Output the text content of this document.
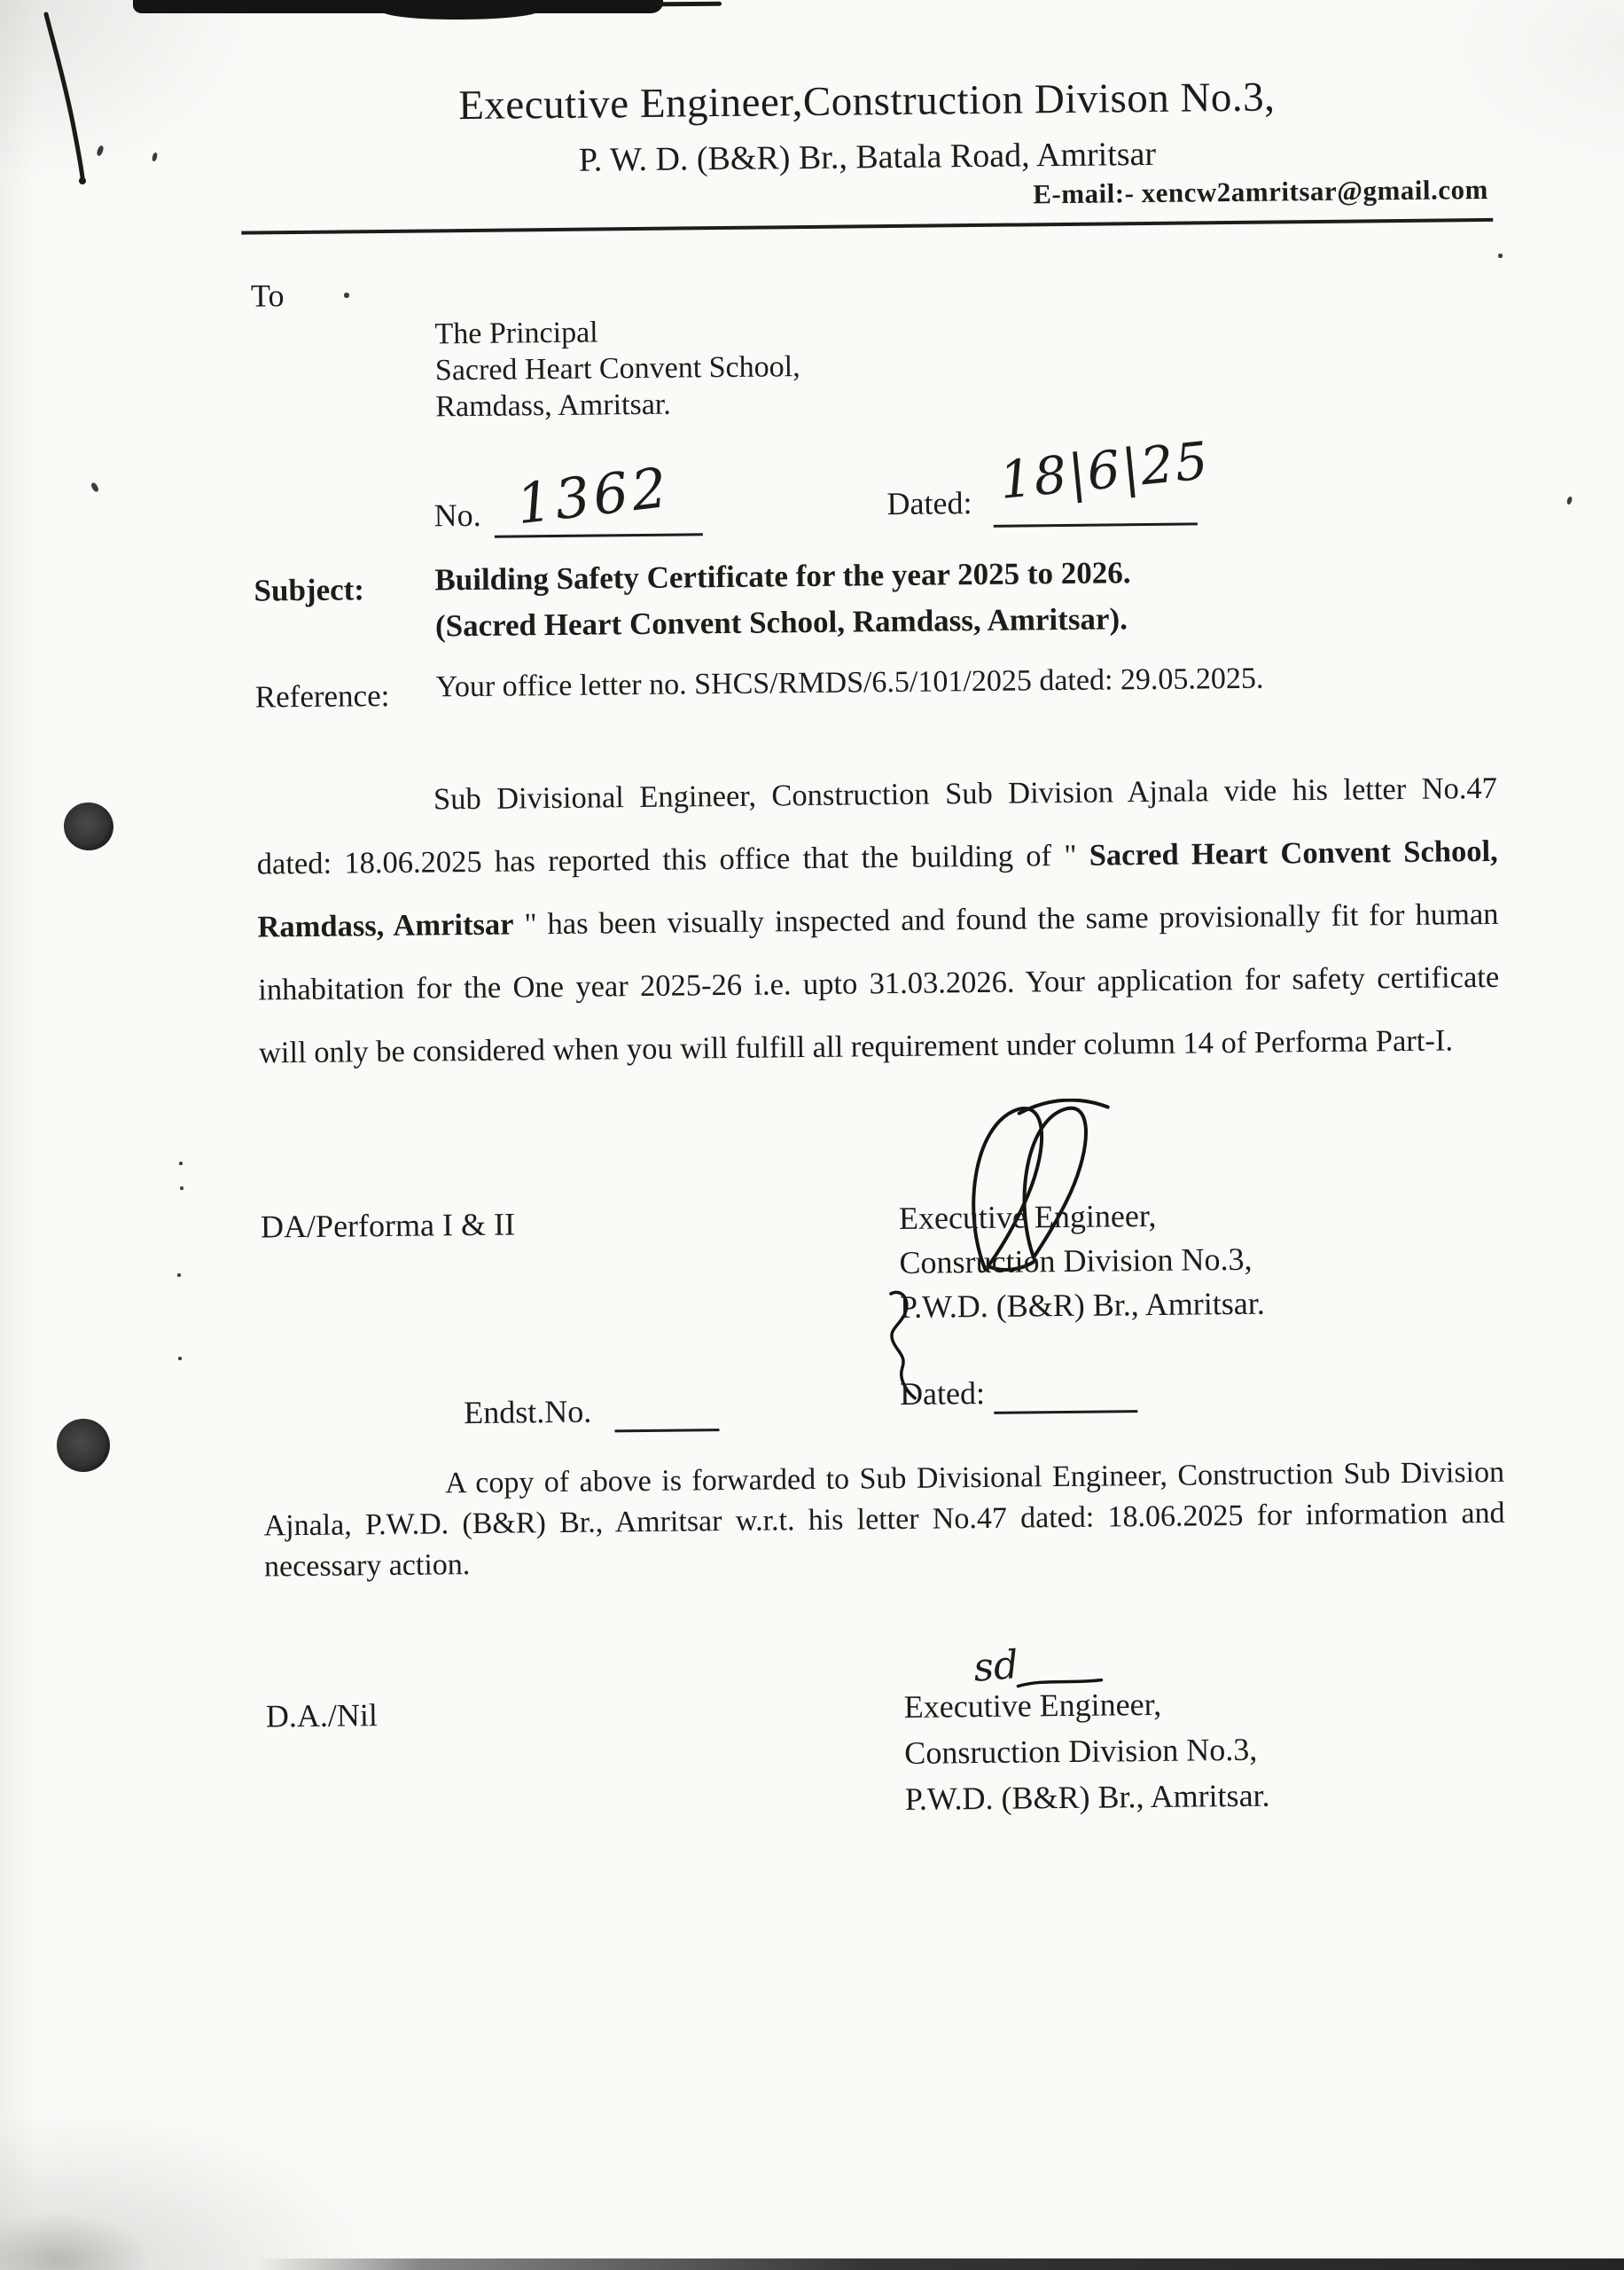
Executive Engineer,Construction Divison No.3,
P. W. D. (B&R) Br., Batala Road, Amritsar
E-mail:- xencw2amritsar@gmail.com
To
The Principal
Sacred Heart Convent School,
Ramdass, Amritsar.
No. 1362	Dated: 18|6|25
Subject: Building Safety Certificate for the year 2025 to 2026.
(Sacred Heart Convent School, Ramdass, Amritsar).
Reference: Your office letter no. SHCS/RMDS/6.5/101/2025 dated: 29.05.2025.
Sub Divisional Engineer, Construction Sub Division Ajnala vide his letter No.47 dated: 18.06.2025 has reported this office that the building of " Sacred Heart Convent School, Ramdass, Amritsar " has been visually inspected and found the same provisionally fit for human inhabitation for the One year 2025-26 i.e. upto 31.03.2026. Your application for safety certificate will only be considered when you will fulfill all requirement under column 14 of Performa Part-I.
DA/Performa I & II	Executive Engineer,
Consruction Division No.3,
P.W.D. (B&R) Br., Amritsar.
Endst.No.
Dated:
A copy of above is forwarded to Sub Divisional Engineer, Construction Sub Division Ajnala, P.W.D. (B&R) Br., Amritsar w.r.t. his letter No.47 dated: 18.06.2025 for information and necessary action.
D.A./Nil
sd
Executive Engineer,
Consruction Division No.3,
P.W.D. (B&R) Br., Amritsar.
